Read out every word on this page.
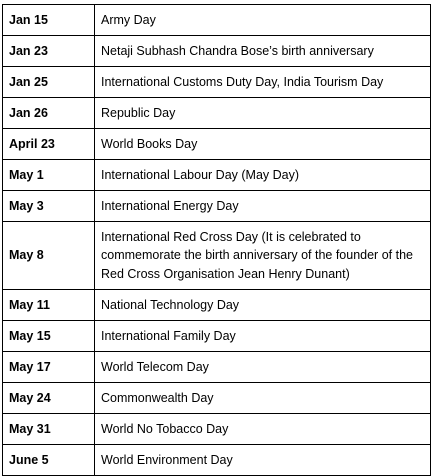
Jan 15	Army Day
Jan 23	Netaji Subhash Chandra Bose’s birth anniversary
Jan 25	International Customs Duty Day, India Tourism Day
Jan 26	Republic Day
April 23	World Books Day
May 1	International Labour Day (May Day)
May 3	International Energy Day
May 8	International Red Cross Day (It is celebrated to commemorate the birth anniversary of the founder of the Red Cross Organisation Jean Henry Dunant)
May 11	National Technology Day
May 15	International Family Day
May 17	World Telecom Day
May 24	Commonwealth Day
May 31	World No Tobacco Day
June 5	World Environment Day
